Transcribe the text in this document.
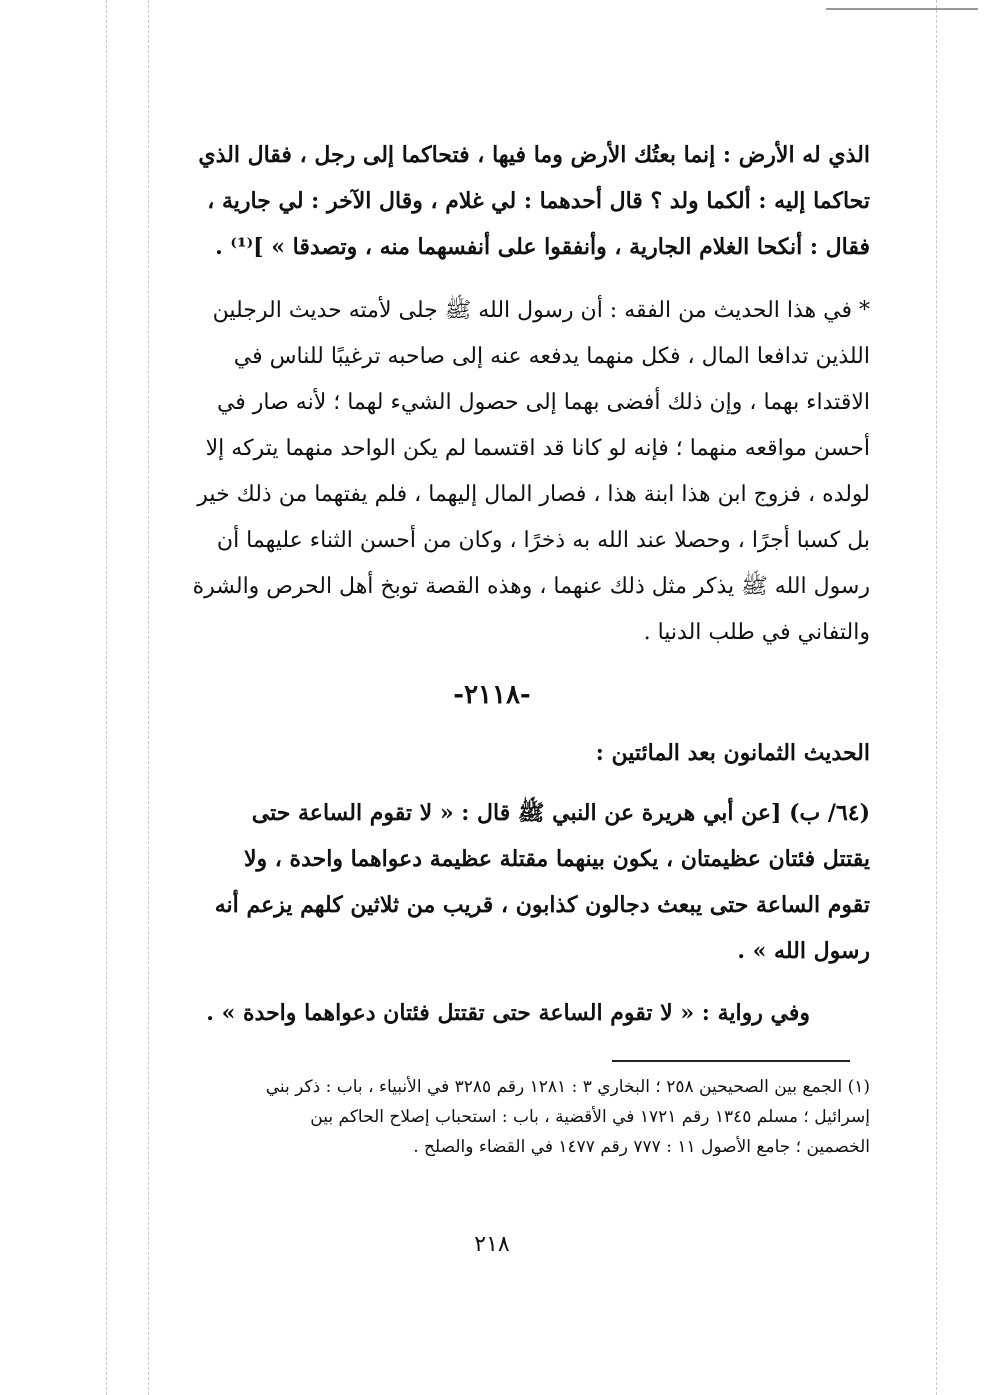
الذي له الأرض : إنما بعتُك الأرض وما فيها ، فتحاكما إلى رجل ، فقال الذي
تحاكما إليه : ألكما ولد ؟ قال أحدهما : لي غلام ، وقال الآخر : لي جارية ،
فقال : أنكحا الغلام الجارية ، وأنفقوا على أنفسهما منه ، وتصدقا » ]⁽¹⁾ .
* في هذا الحديث من الفقه : أن رسول الله ﷺ جلى لأمته حديث الرجلين
اللذين تدافعا المال ، فكل منهما يدفعه عنه إلى صاحبه ترغيبًا للناس في
الاقتداء بهما ، وإن ذلك أفضى بهما إلى حصول الشيء لهما ؛ لأنه صار في
أحسن مواقعه منهما ؛ فإنه لو كانا قد اقتسما لم يكن الواحد منهما يتركه إلا
لولده ، فزوج ابن هذا ابنة هذا ، فصار المال إليهما ، فلم يفتهما من ذلك خير
بل كسبا أجرًا ، وحصلا عند الله به ذخرًا ، وكان من أحسن الثناء عليهما أن
رسول الله ﷺ يذكر مثل ذلك عنهما ، وهذه القصة توبخ أهل الحرص والشرة
والتفاني في طلب الدنيا .
-٢١١٨-
الحديث الثمانون بعد المائتين :
(٦٤/ ب) [عن أبي هريرة عن النبي ﷺ قال : « لا تقوم الساعة حتى
يقتتل فئتان عظيمتان ، يكون بينهما مقتلة عظيمة دعواهما واحدة ، ولا
تقوم الساعة حتى يبعث دجالون كذابون ، قريب من ثلاثين كلهم يزعم أنه
رسول الله » .
وفي رواية : « لا تقوم الساعة حتى تقتتل فئتان دعواهما واحدة » .
(١) الجمع بين الصحيحين ٢٥٨ ؛ البخاري ٣ : ١٢٨١ رقم ٣٢٨٥ في الأنبياء ، باب : ذكر بني
إسرائيل ؛ مسلم ١٣٤٥ رقم ١٧٢١ في الأقضية ، باب : استحباب إصلاح الحاكم بين
الخصمين ؛ جامع الأصول ١١ : ٧٧٧ رقم ١٤٧٧ في القضاء والصلح .
٢١٨
